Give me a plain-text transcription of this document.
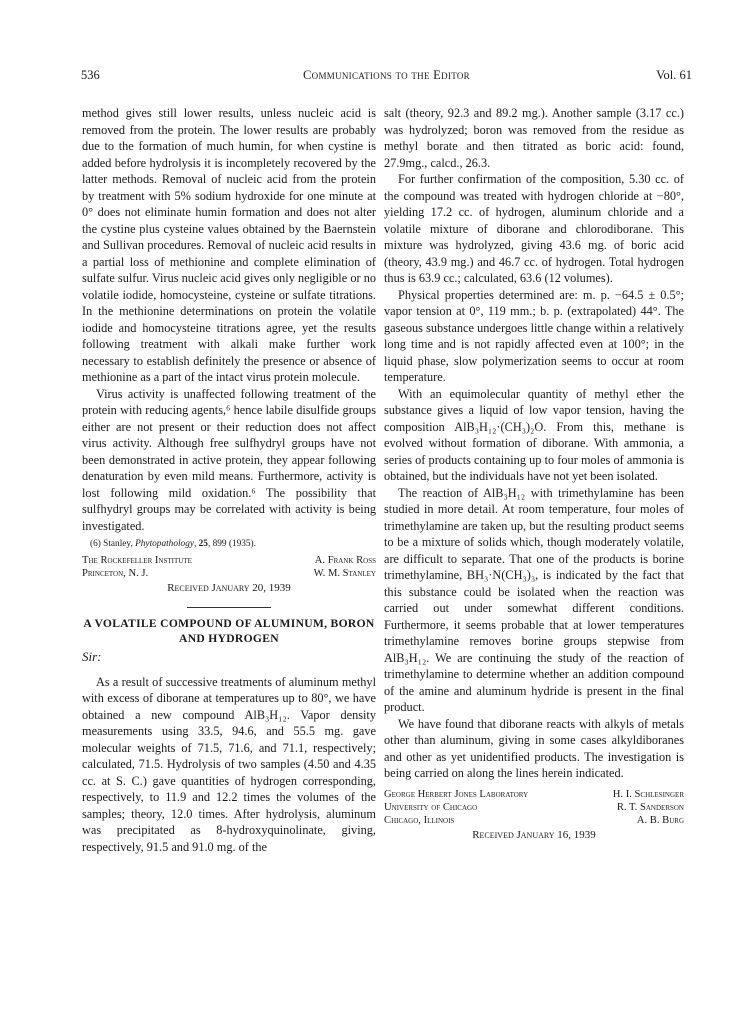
536	Communications to the Editor	Vol. 61

method gives still lower results, unless nucleic acid is removed from the protein. The lower results are probably due to the formation of much humin, for when cystine is added before hydrolysis it is incompletely recovered by the latter methods. Removal of nucleic acid from the protein by treatment with 5% sodium hydroxide for one minute at 0° does not eliminate humin formation and does not alter the cystine plus cysteine values obtained by the Baernstein and Sullivan procedures. Removal of nucleic acid results in a partial loss of methionine and complete elimination of sulfate sulfur. Virus nucleic acid gives only negligible or no volatile iodide, homocysteine, cysteine or sulfate titrations. In the methionine determinations on protein the volatile iodide and homocysteine titrations agree, yet the results following treatment with alkali make further work necessary to establish definitely the presence or absence of methionine as a part of the intact virus protein molecule.

Virus activity is unaffected following treatment of the protein with reducing agents,⁶ hence labile disulfide groups either are not present or their reduction does not affect virus activity. Although free sulfhydryl groups have not been demonstrated in active protein, they appear following denaturation by even mild means. Furthermore, activity is lost following mild oxidation.⁶ The possibility that sulfhydryl groups may be correlated with activity is being investigated.

(6) Stanley, Phytopathology, 25, 899 (1935).
The Rockefeller Institute	A. Frank Ross
Princeton, N. J.	W. M. Stanley
Received January 20, 1939
A VOLATILE COMPOUND OF ALUMINUM, BORON AND HYDROGEN
Sir:

As a result of successive treatments of aluminum methyl with excess of diborane at temperatures up to 80°, we have obtained a new compound AlB₃H₁₂. Vapor density measurements using 33.5, 94.6, and 55.5 mg. gave molecular weights of 71.5, 71.6, and 71.1, respectively; calculated, 71.5. Hydrolysis of two samples (4.50 and 4.35 cc. at S. C.) gave quantities of hydrogen corresponding, respectively, to 11.9 and 12.2 times the volumes of the samples; theory, 12.0 times. After hydrolysis, aluminum was precipitated as 8-hydroxyquinolinate, giving, respectively, 91.5 and 91.0 mg. of the

salt (theory, 92.3 and 89.2 mg.). Another sample (3.17 cc.) was hydrolyzed; boron was removed from the residue as methyl borate and then titrated as boric acid: found, 27.9mg., calcd., 26.3.

For further confirmation of the composition, 5.30 cc. of the compound was treated with hydrogen chloride at −80°, yielding 17.2 cc. of hydrogen, aluminum chloride and a volatile mixture of diborane and chlorodiborane. This mixture was hydrolyzed, giving 43.6 mg. of boric acid (theory, 43.9 mg.) and 46.7 cc. of hydrogen. Total hydrogen thus is 63.9 cc.; calculated, 63.6 (12 volumes).

Physical properties determined are: m. p. −64.5 ± 0.5°; vapor tension at 0°, 119 mm.; b. p. (extrapolated) 44°. The gaseous substance undergoes little change within a relatively long time and is not rapidly affected even at 100°; in the liquid phase, slow polymerization seems to occur at room temperature.

With an equimolecular quantity of methyl ether the substance gives a liquid of low vapor tension, having the composition AlB₃H₁₂·(CH₃)₂O. From this, methane is evolved without formation of diborane. With ammonia, a series of products containing up to four moles of ammonia is obtained, but the individuals have not yet been isolated.

The reaction of AlB₃H₁₂ with trimethylamine has been studied in more detail. At room temperature, four moles of trimethylamine are taken up, but the resulting product seems to be a mixture of solids which, though moderately volatile, are difficult to separate. That one of the products is borine trimethylamine, BH₃·N(CH₃)₃, is indicated by the fact that this substance could be isolated when the reaction was carried out under somewhat different conditions. Furthermore, it seems probable that at lower temperatures trimethylamine removes borine groups stepwise from AlB₃H₁₂. We are continuing the study of the reaction of trimethylamine to determine whether an addition compound of the amine and aluminum hydride is present in the final product.

We have found that diborane reacts with alkyls of metals other than aluminum, giving in some cases alkyldiboranes and other as yet unidentified products. The investigation is being carried on along the lines herein indicated.

George Herbert Jones Laboratory	H. I. Schlesinger
University of Chicago	R. T. Sanderson
Chicago, Illinois	A. B. Burg
Received January 16, 1939
